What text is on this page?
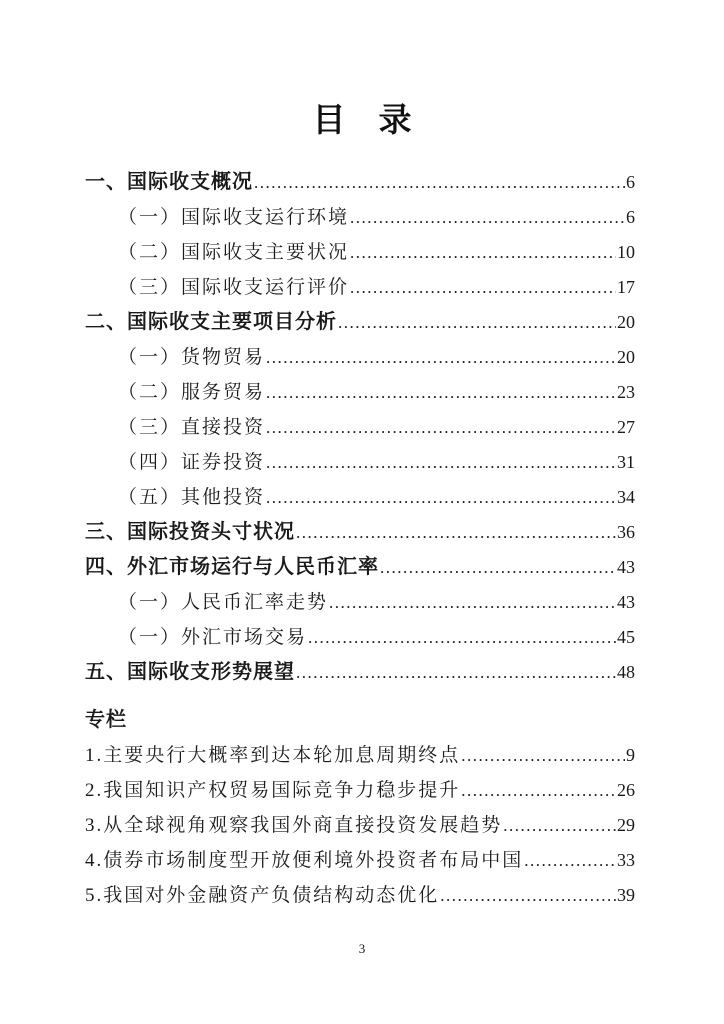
目　录
一、国际收支概况 .....	6
（一）国际收支运行环境 .....	6
（二）国际收支主要状况 .....	10
（三）国际收支运行评价 .....	17
二、国际收支主要项目分析 .....	20
（一）货物贸易 .....	20
（二）服务贸易 .....	23
（三）直接投资 .....	27
（四）证券投资 .....	31
（五）其他投资 .....	34
三、国际投资头寸状况 .....	36
四、外汇市场运行与人民币汇率 .....	43
（一）人民币汇率走势 .....	43
（一）外汇市场交易 .....	45
五、国际收支形势展望 .....	48
专栏
1.主要央行大概率到达本轮加息周期终点 .....	9
2.我国知识产权贸易国际竞争力稳步提升 .....	26
3.从全球视角观察我国外商直接投资发展趋势 .....	29
4.债券市场制度型开放便利境外投资者布局中国 .....	33
5.我国对外金融资产负债结构动态优化 .....	39
3
